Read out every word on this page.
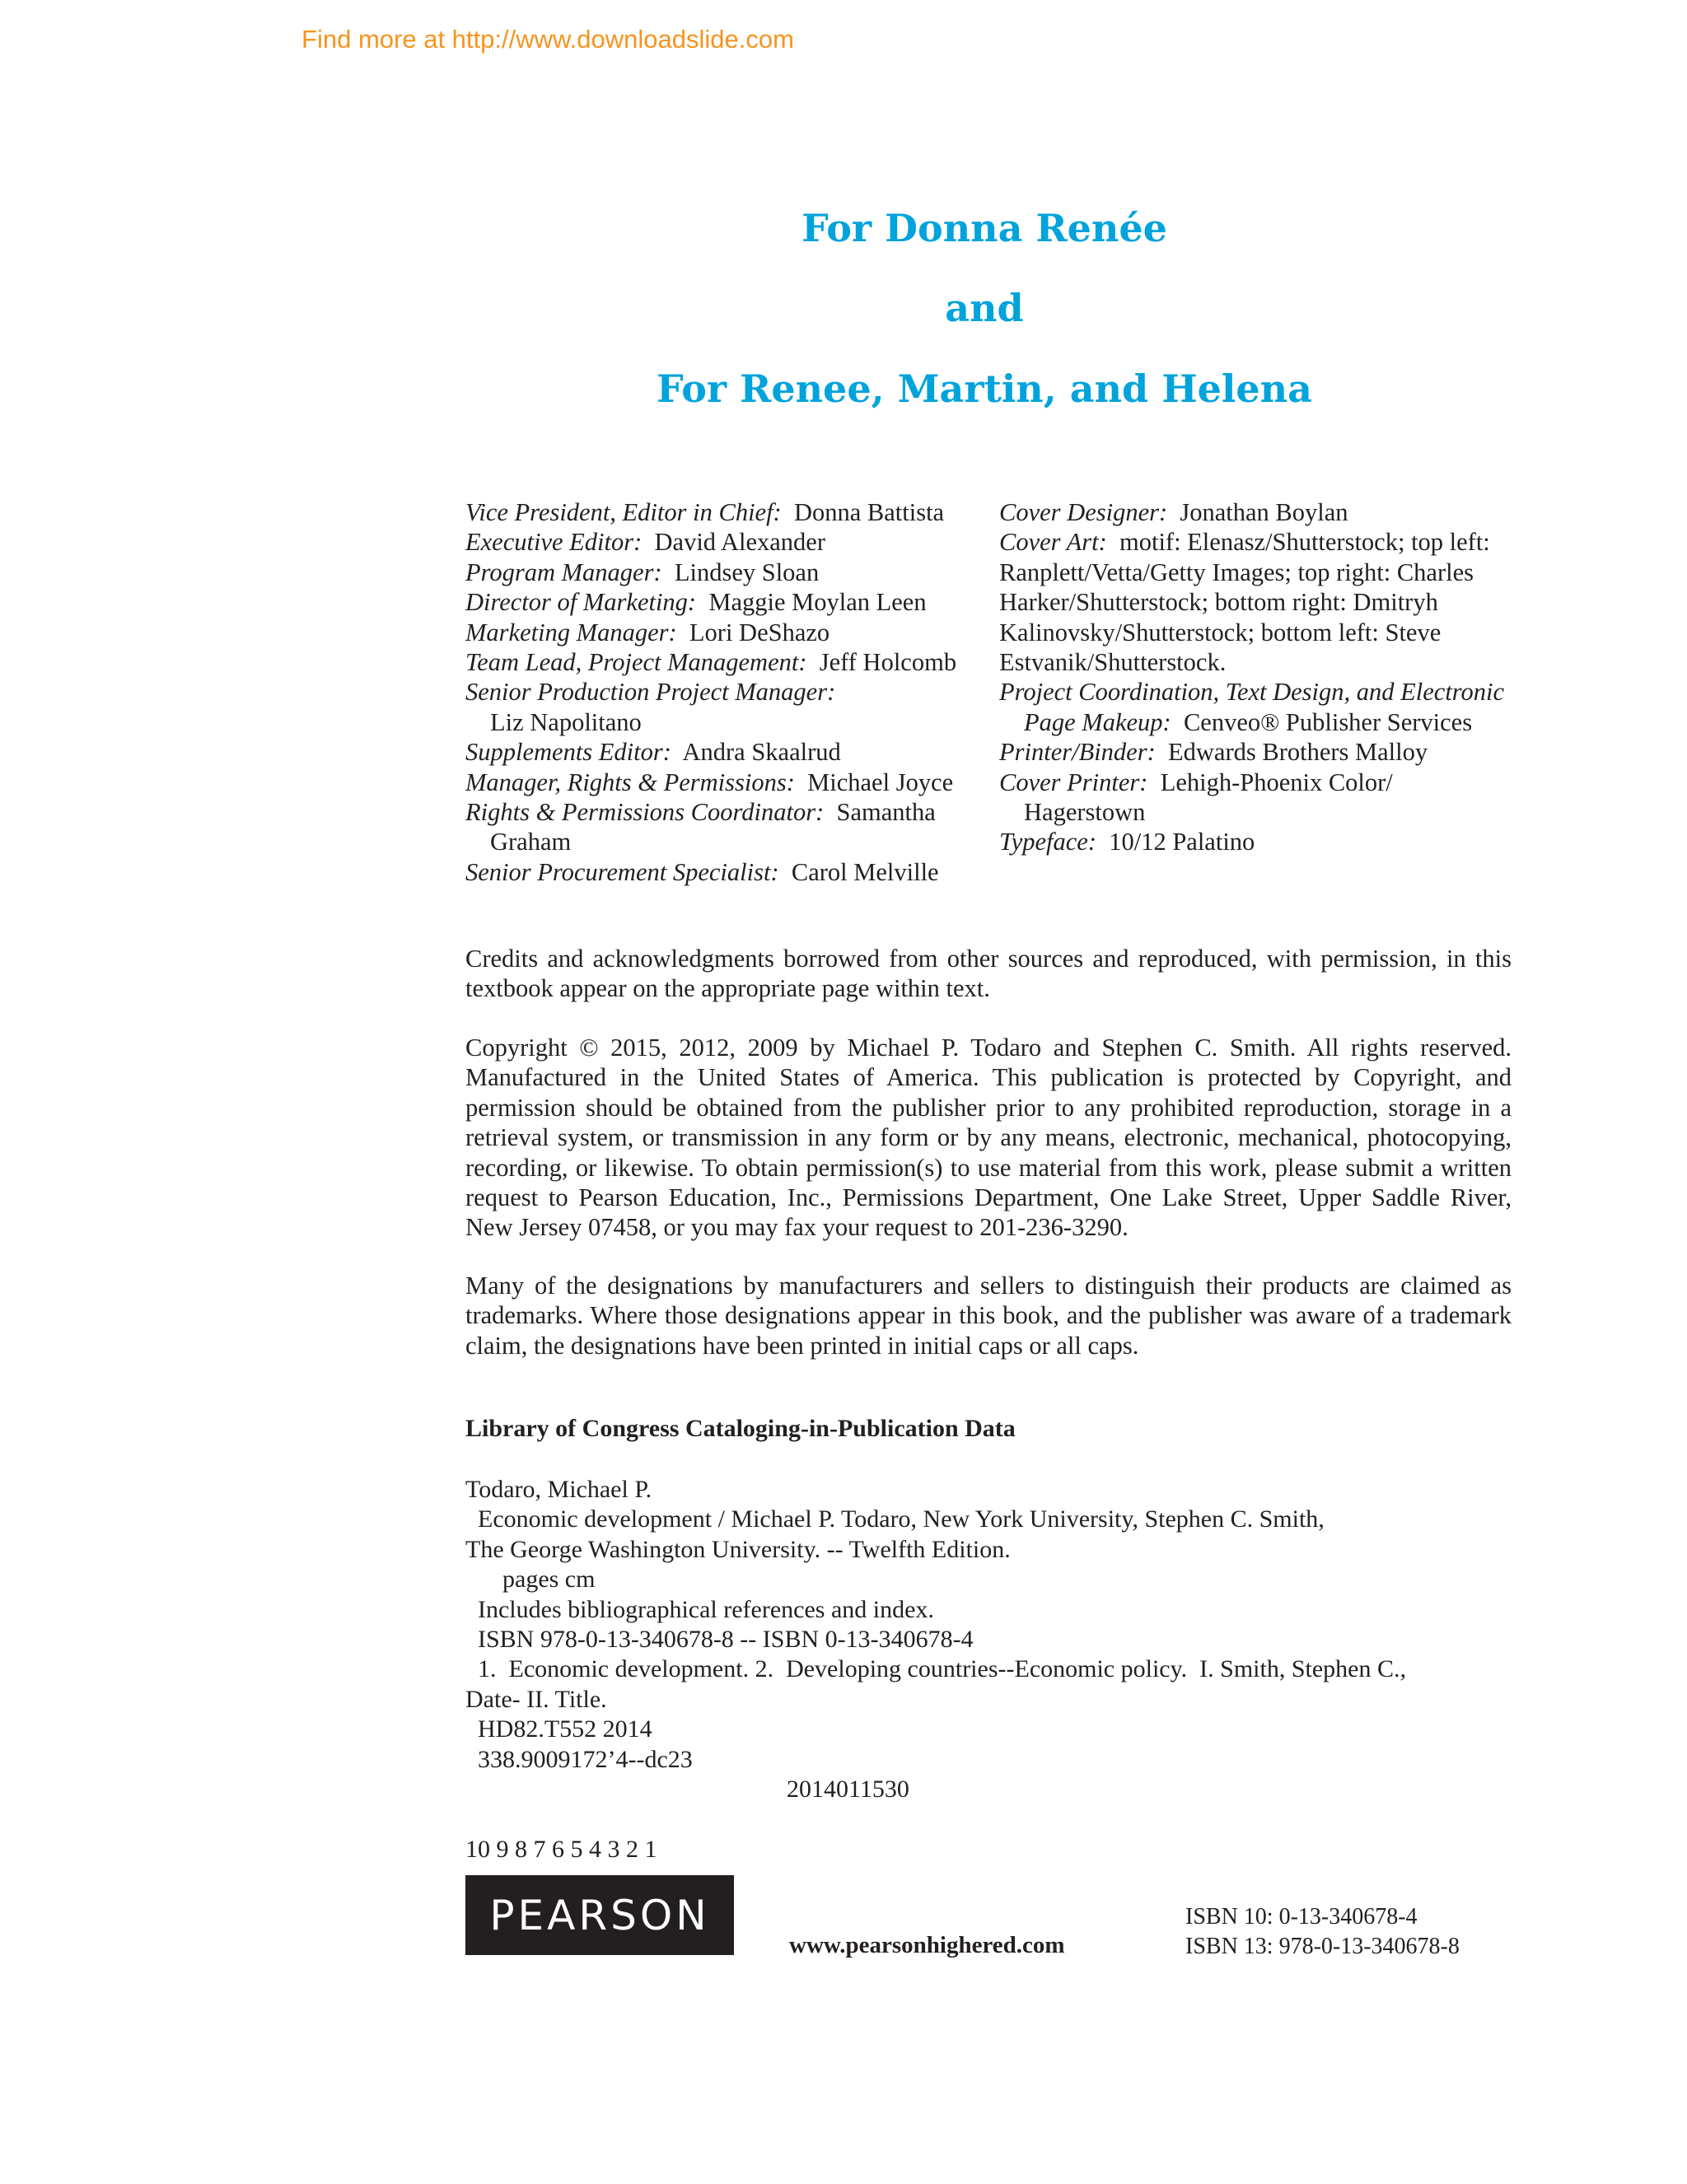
Find more at http://www.downloadslide.com
For Donna Renée
and
For Renee, Martin, and Helena
Vice President, Editor in Chief: Donna Battista
Executive Editor: David Alexander
Program Manager: Lindsey Sloan
Director of Marketing: Maggie Moylan Leen
Marketing Manager: Lori DeShazo
Team Lead, Project Management: Jeff Holcomb
Senior Production Project Manager:
Liz Napolitano
Supplements Editor: Andra Skaalrud
Manager, Rights & Permissions: Michael Joyce
Rights & Permissions Coordinator: Samantha Graham
Senior Procurement Specialist: Carol Melville
Cover Designer: Jonathan Boylan
Cover Art: motif: Elenasz/Shutterstock; top left: Ranplett/Vetta/Getty Images; top right: Charles Harker/Shutterstock; bottom right: Dmitryh Kalinovsky/Shutterstock; bottom left: Steve Estvanik/Shutterstock.
Project Coordination, Text Design, and Electronic Page Makeup: Cenveo® Publisher Services
Printer/Binder: Edwards Brothers Malloy
Cover Printer: Lehigh-Phoenix Color/ Hagerstown
Typeface: 10/12 Palatino
Credits and acknowledgments borrowed from other sources and reproduced, with permission, in this textbook appear on the appropriate page within text.
Copyright © 2015, 2012, 2009 by Michael P. Todaro and Stephen C. Smith. All rights reserved. Manufactured in the United States of America. This publication is protected by Copyright, and permission should be obtained from the publisher prior to any prohibited reproduction, storage in a retrieval system, or transmission in any form or by any means, electronic, mechanical, photocopying, recording, or likewise. To obtain permission(s) to use material from this work, please submit a written request to Pearson Education, Inc., Permissions Department, One Lake Street, Upper Saddle River, New Jersey 07458, or you may fax your request to 201-236-3290.
Many of the designations by manufacturers and sellers to distinguish their products are claimed as trademarks. Where those designations appear in this book, and the publisher was aware of a trademark claim, the designations have been printed in initial caps or all caps.
Library of Congress Cataloging-in-Publication Data
Todaro, Michael P.
Economic development / Michael P. Todaro, New York University, Stephen C. Smith,
The George Washington University. -- Twelfth Edition.
pages cm
Includes bibliographical references and index.
ISBN 978-0-13-340678-8 -- ISBN 0-13-340678-4
1.  Economic development. 2.  Developing countries--Economic policy.  I. Smith, Stephen C.,
Date- II. Title.
HD82.T552 2014
338.9009172’4--dc23
2014011530

10 9 8 7 6 5 4 3 2 1
PEARSON
www.pearsonhighered.com
ISBN 10: 0-13-340678-4
ISBN 13: 978-0-13-340678-8
